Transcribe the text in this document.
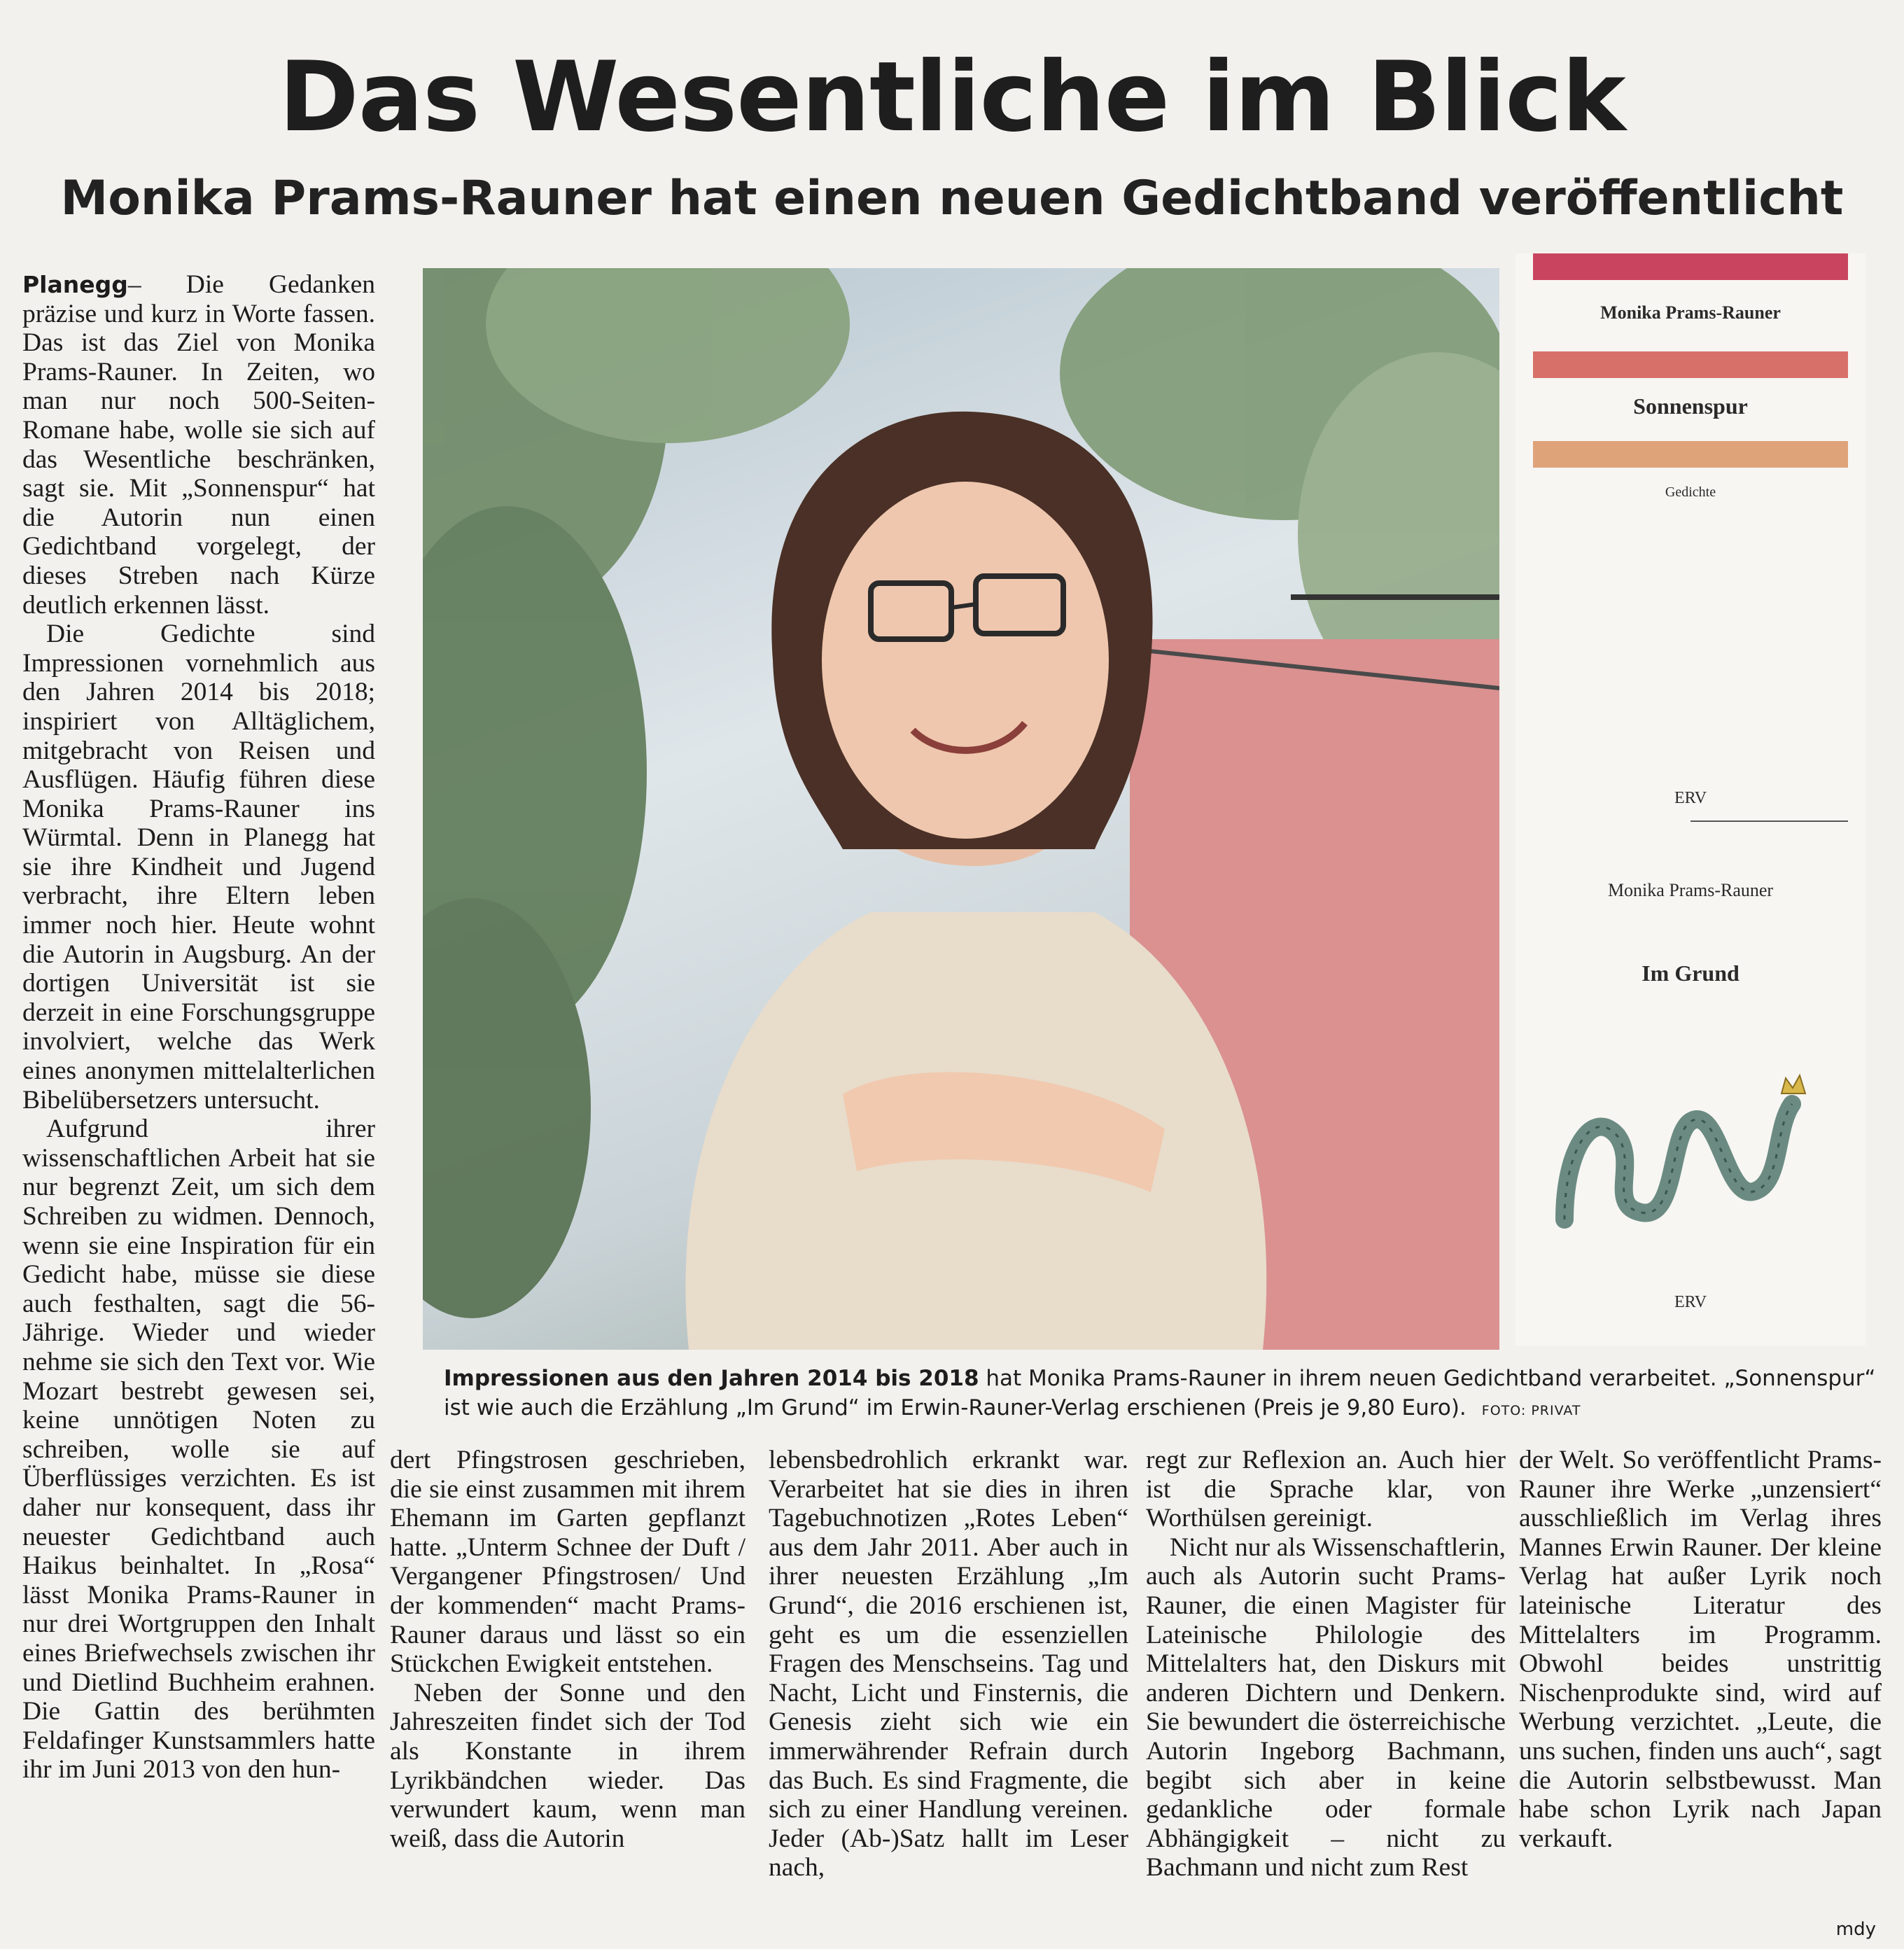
Das Wesentliche im Blick
Monika Prams-Rauner hat einen neuen Gedichtband veröffentlicht

Planegg– Die Gedanken präzise und kurz in Worte fassen. Das ist das Ziel von Monika Prams-Rauner. In Zeiten, wo man nur noch 500-Seiten-Romane habe, wolle sie sich auf das Wesentliche beschränken, sagt sie. Mit „Sonnenspur“ hat die Autorin nun einen Gedichtband vorgelegt, der dieses Streben nach Kürze deutlich erkennen lässt.

Die Gedichte sind Impressionen vornehmlich aus den Jahren 2014 bis 2018; inspiriert von Alltäglichem, mitgebracht von Reisen und Ausflügen. Häufig führen diese Monika Prams-Rauner ins Würmtal. Denn in Planegg hat sie ihre Kindheit und Jugend verbracht, ihre Eltern leben immer noch hier. Heute wohnt die Autorin in Augsburg. An der dortigen Universität ist sie derzeit in eine Forschungsgruppe involviert, welche das Werk eines anonymen mittelalterlichen Bibelübersetzers untersucht.

Aufgrund ihrer wissenschaftlichen Arbeit hat sie nur begrenzt Zeit, um sich dem Schreiben zu widmen. Dennoch, wenn sie eine Inspiration für ein Gedicht habe, müsse sie diese auch festhalten, sagt die 56-Jährige. Wieder und wieder nehme sie sich den Text vor. Wie Mozart bestrebt gewesen sei, keine unnötigen Noten zu schreiben, wolle sie auf Überflüssiges verzichten. Es ist daher nur konsequent, dass ihr neuester Gedichtband auch Haikus beinhaltet. In „Rosa“ lässt Monika Prams-Rauner in nur drei Wortgruppen den Inhalt eines Briefwechsels zwischen ihr und Dietlind Buchheim erahnen. Die Gattin des berühmten Feldafinger Kunstsammlers hatte ihr im Juni 2013 von den hun-

Impressionen aus den Jahren 2014 bis 2018 hat Monika Prams-Rauner in ihrem neuen Gedichtband verarbeitet. „Sonnenspur“ ist wie auch die Erzählung „Im Grund“ im Erwin-Rauner-Verlag erschienen (Preis je 9,80 Euro). FOTO: PRIVAT
Monika Prams-Rauner
Sonnenspur
Gedichte
ERV
Monika Prams-Rauner
Im Grund
ERV

dert Pfingstrosen geschrieben, die sie einst zusammen mit ihrem Ehemann im Garten gepflanzt hatte. „Unterm Schnee der Duft / Vergangener Pfingstrosen/ Und der kommenden“ macht Prams-Rauner daraus und lässt so ein Stückchen Ewigkeit entstehen.

Neben der Sonne und den Jahreszeiten findet sich der Tod als Konstante in ihrem Lyrikbändchen wieder. Das verwundert kaum, wenn man weiß, dass die Autorin

lebensbedrohlich erkrankt war. Verarbeitet hat sie dies in ihren Tagebuchnotizen „Rotes Leben“ aus dem Jahr 2011. Aber auch in ihrer neuesten Erzählung „Im Grund“, die 2016 erschienen ist, geht es um die essenziellen Fragen des Menschseins. Tag und Nacht, Licht und Finsternis, die Genesis zieht sich wie ein immerwährender Refrain durch das Buch. Es sind Fragmente, die sich zu einer Handlung vereinen. Jeder (Ab-)Satz hallt im Leser nach,

regt zur Reflexion an. Auch hier ist die Sprache klar, von Worthülsen gereinigt.

Nicht nur als Wissenschaftlerin, auch als Autorin sucht Prams-Rauner, die einen Magister für Lateinische Philologie des Mittelalters hat, den Diskurs mit anderen Dichtern und Denkern. Sie bewundert die österreichische Autorin Ingeborg Bachmann, begibt sich aber in keine gedankliche oder formale Abhängigkeit – nicht zu Bachmann und nicht zum Rest

der Welt. So veröffentlicht Prams-Rauner ihre Werke „unzensiert“ ausschließlich im Verlag ihres Mannes Erwin Rauner. Der kleine Verlag hat außer Lyrik noch lateinische Literatur des Mittelalters im Programm. Obwohl beides unstrittig Nischenprodukte sind, wird auf Werbung verzichtet. „Leute, die uns suchen, finden uns auch“, sagt die Autorin selbstbewusst. Man habe schon Lyrik nach Japan verkauft.

mdy
